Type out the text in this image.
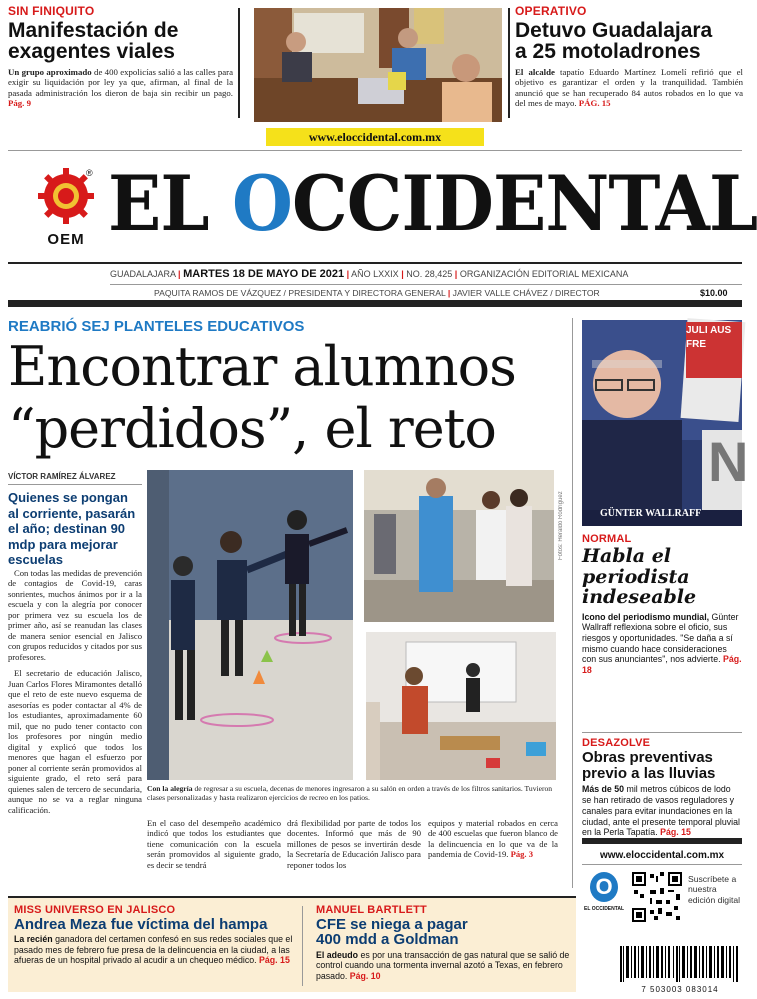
SIN FINIQUITO
Manifestación de
exagentes viales
Un grupo aproximado de 400 expolicías salió a las calles para exigir su liquidación por ley ya que, afirman, al final de la pasada administración los dieron de baja sin recibir un pago. Pág. 9
OPERATIVO
Detuvo Guadalajara
a 25 motoladrones
El alcalde tapatío Eduardo Martínez Lomelí refirió que el objetivo es garantizar el orden y la tranquilidad. También anunció que se han recuperado 84 autos robados en lo que va del mes de mayo. PÁG. 15
www.eloccidental.com.mx
®
OEM EL OCCIDENTAL
GUADALAJARA | MARTES 18 DE MAYO DE 2021 | AÑO LXXIX | NO. 28,425 | ORGANIZACIÓN EDITORIAL MEXICANA
PAQUITA RAMOS DE VÁZQUEZ / PRESIDENTA Y DIRECTORA GENERAL | JAVIER VALLE CHÁVEZ / DIRECTOR	$10.00
REABRIÓ SEJ PLANTELES EDUCATIVOS
Encontrar alumnos
“perdidos”, el reto
VÍCTOR RAMÍREZ ÁLVAREZ
Quienes se pongan al corriente, pasarán el año; destinan 90 mdp para mejorar escuelas

Con todas las medidas de prevención de contagios de Covid-19, caras sonrientes, muchos ánimos por ir a la escuela y con la alegría por conocer por primera vez su escuela los de primer año, así se reanudan las clases de manera senior esencial en Jalisco con grupos reducidos y citados por sus profesores.

El secretario de educación Jalisco, Juan Carlos Flores Miramontes detalló que el reto de este nuevo esquema de asesorías es poder contactar al 4% de los estudiantes, aproximadamente 60 mil, que no pudo tener contacto con los profesores por ningún medio digital y explicó que todos los menores que hagan el esfuerzo por poner al corriente serán promovidos al siguiente grado, el reto será para quienes salen de tercero de secundaria, aunque no se va a reglar ninguna calificación.

Fotos: Heraldo Rodríguez
Con la alegría de regresar a su escuela, decenas de menores ingresaron a su salón en orden a través de los filtros sanitarios. Tuvieron clases personalizadas y hasta realizaron ejercicios de recreo en los patios.
En el caso del desempeño académico indicó que todos los estudiantes que tiene comunicación con la escuela serán promovidos al siguiente grado, es decir se tendrá
drá flexibilidad por parte de todos los docentes. Informó que más de 90 millones de pesos se invertirán desde la Secretaría de Educación Jalisco para reponer todos los
equipos y material robados en cerca de 400 escuelas que fueron blanco de la delincuencia en lo que va de la pandemia de Covid-19. Pág. 3
JULI AUS FRE
N
GÜNTER WALLRAFF
NORMAL
Habla el
periodista
indeseable
Icono del periodismo mundial, Günter Wallraff reflexiona sobre el oficio, sus riesgos y oportunidades. "Se daña a sí mismo cuando hace consideraciones con sus anunciantes", nos advierte. Pág. 18
DESAZOLVE
Obras preventivas
previo a las lluvias
Más de 50 mil metros cúbicos de lodo se han retirado de vasos reguladores y canales para evitar inundaciones en la ciudad, ante el presente temporal pluvial en la Perla Tapatía. Pág. 15
www.eloccidental.com.mx
O
EL OCCIDENTAL
Suscríbete a nuestra edición digital
7 503003 083014
MISS UNIVERSO EN JALISCO
Andrea Meza fue víctima del hampa
La recién ganadora del certamen confesó en sus redes sociales que el pasado mes de febrero fue presa de la delincuencia en la ciudad, a las afueras de un hospital privado al acudir a un chequeo médico. Pág. 15
MANUEL BARTLETT
CFE se niega a pagar
400 mdd a Goldman
El adeudo es por una transacción de gas natural que se salió de control cuando una tormenta invernal azotó a Texas, en febrero pasado. Pág. 10
